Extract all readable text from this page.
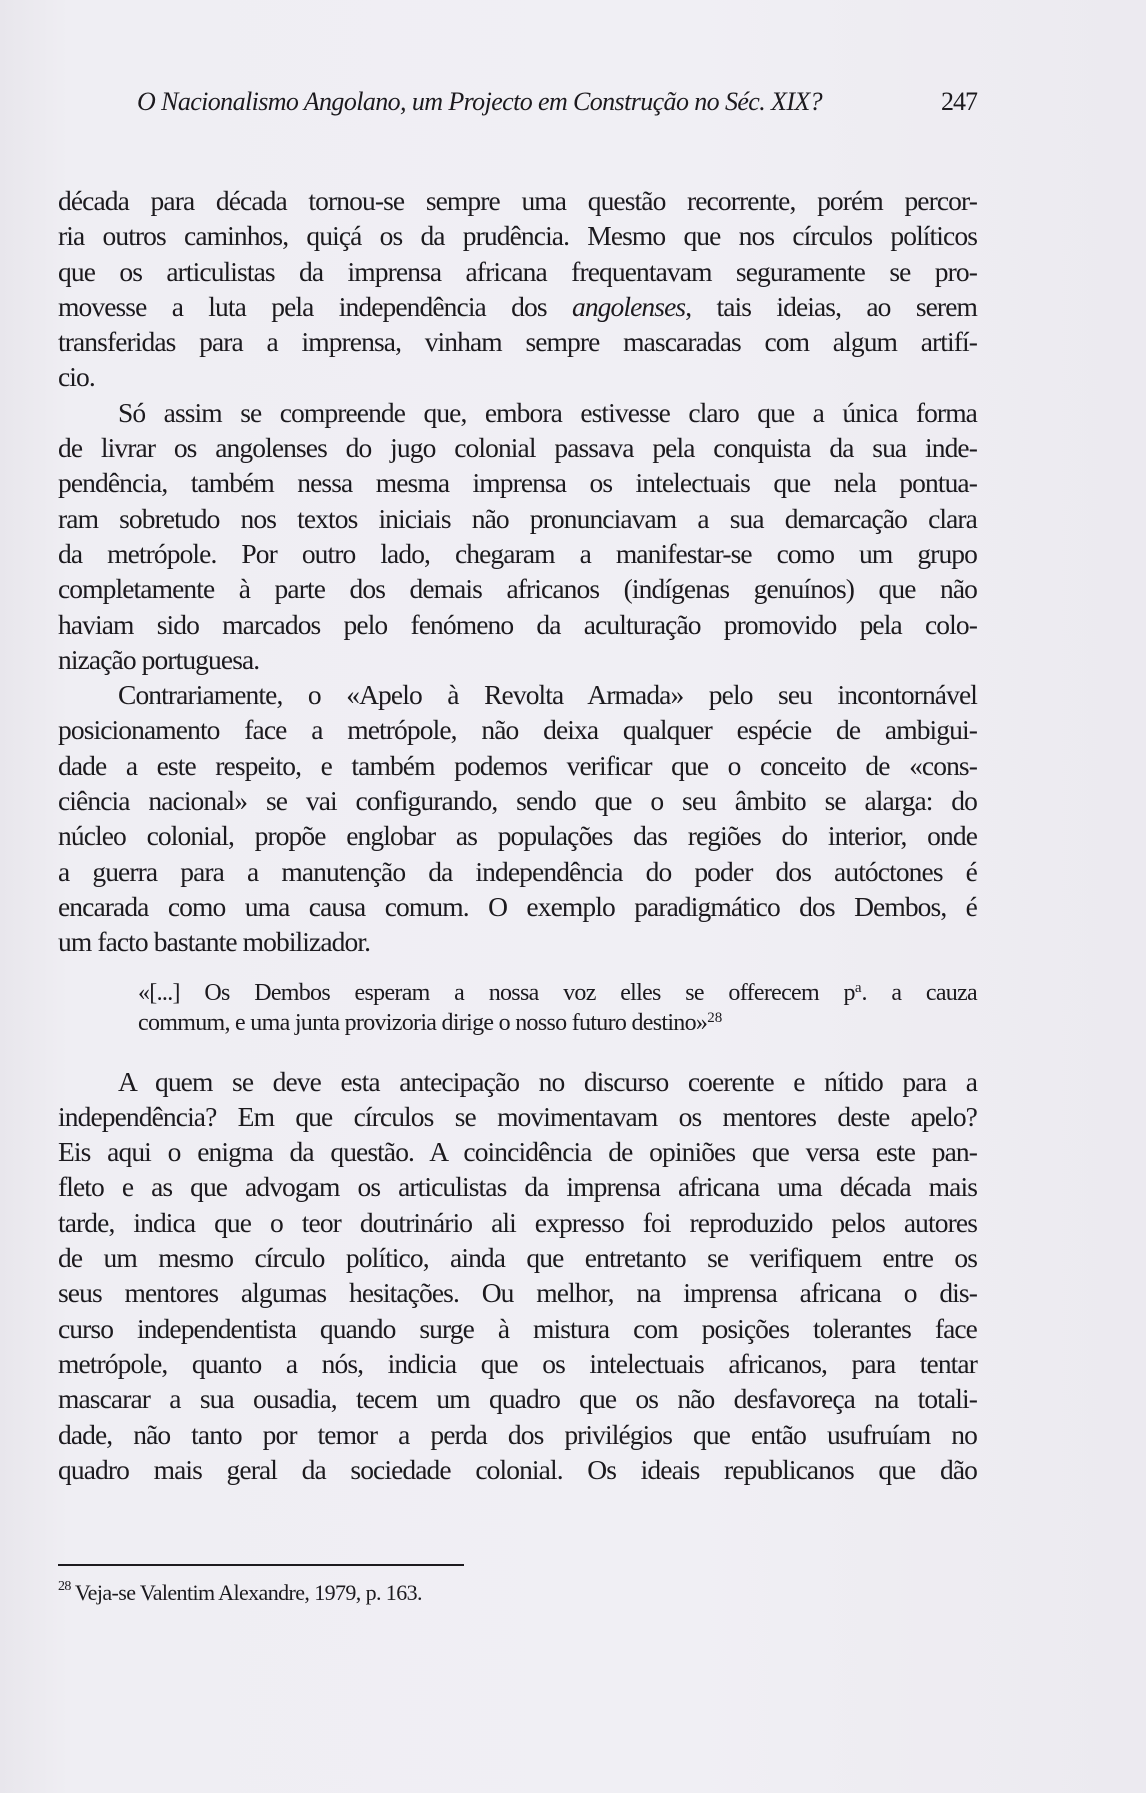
O Nacionalismo Angolano, um Projecto em Construção no Séc. XIX?	247
década para década tornou-se sempre uma questão recorrente, porém percor-
ria outros caminhos, quiçá os da prudência. Mesmo que nos círculos políticos
que os articulistas da imprensa africana frequentavam seguramente se pro-
movesse a luta pela independência dos angolenses, tais ideias, ao serem
transferidas para a imprensa, vinham sempre mascaradas com algum artifí-
cio.
Só assim se compreende que, embora estivesse claro que a única forma
de livrar os angolenses do jugo colonial passava pela conquista da sua inde-
pendência, também nessa mesma imprensa os intelectuais que nela pontua-
ram sobretudo nos textos iniciais não pronunciavam a sua demarcação clara
da metrópole. Por outro lado, chegaram a manifestar-se como um grupo
completamente à parte dos demais africanos (indígenas genuínos) que não
haviam sido marcados pelo fenómeno da aculturação promovido pela colo-
nização portuguesa.
Contrariamente, o «Apelo à Revolta Armada» pelo seu incontornável
posicionamento face a metrópole, não deixa qualquer espécie de ambigui-
dade a este respeito, e também podemos verificar que o conceito de «cons-
ciência nacional» se vai configurando, sendo que o seu âmbito se alarga: do
núcleo colonial, propõe englobar as populações das regiões do interior, onde
a guerra para a manutenção da independência do poder dos autóctones é
encarada como uma causa comum. O exemplo paradigmático dos Dembos, é
um facto bastante mobilizador.
«[...] Os Dembos esperam a nossa voz elles se offerecem p$^a$. a cauza
commum, e uma junta provizoria dirige o nosso futuro destino»$^{28}$
A quem se deve esta antecipação no discurso coerente e nítido para a
independência? Em que círculos se movimentavam os mentores deste apelo?
Eis aqui o enigma da questão. A coincidência de opiniões que versa este pan-
fleto e as que advogam os articulistas da imprensa africana uma década mais
tarde, indica que o teor doutrinário ali expresso foi reproduzido pelos autores
de um mesmo círculo político, ainda que entretanto se verifiquem entre os
seus mentores algumas hesitações. Ou melhor, na imprensa africana o dis-
curso independentista quando surge à mistura com posições tolerantes face
metrópole, quanto a nós, indicia que os intelectuais africanos, para tentar
mascarar a sua ousadia, tecem um quadro que os não desfavoreça na totali-
dade, não tanto por temor a perda dos privilégios que então usufruíam no
quadro mais geral da sociedade colonial. Os ideais republicanos que dão
$^{28}$ Veja-se Valentim Alexandre, 1979, p. 163.
